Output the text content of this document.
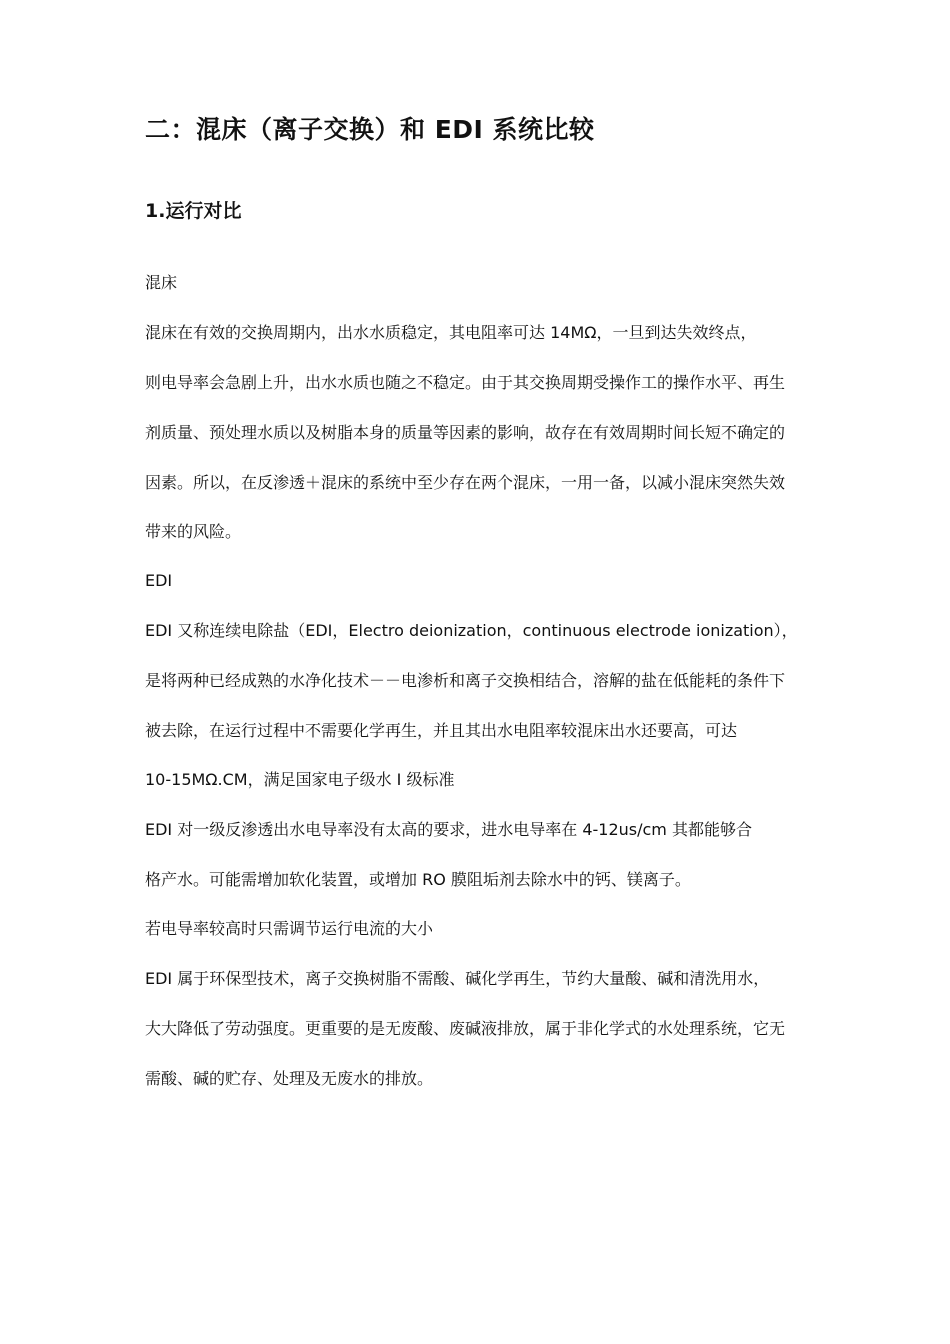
二：混床（离子交换）和 EDI 系统比较
1.运行对比
混床
混床在有效的交换周期内，出水水质稳定，其电阻率可达 14MΩ，一旦到达失效终点，
则电导率会急剧上升，出水水质也随之不稳定。由于其交换周期受操作工的操作水平、再生
剂质量、预处理水质以及树脂本身的质量等因素的影响，故存在有效周期时间长短不确定的
因素。所以，在反渗透＋混床的系统中至少存在两个混床，一用一备，以减小混床突然失效
带来的风险。
EDI
EDI 又称连续电除盐（EDI，Electro deionization，continuous electrode ionization），
是将两种已经成熟的水净化技术－－电渗析和离子交换相结合，溶解的盐在低能耗的条件下
被去除，在运行过程中不需要化学再生，并且其出水电阻率较混床出水还要高，可达
10-15MΩ.CM，满足国家电子级水 I 级标准
EDI 对一级反渗透出水电导率没有太高的要求，进水电导率在 4-12us/cm 其都能够合
格产水。可能需增加软化装置，或增加 RO 膜阻垢剂去除水中的钙、镁离子。
若电导率较高时只需调节运行电流的大小
EDI 属于环保型技术，离子交换树脂不需酸、碱化学再生，节约大量酸、碱和清洗用水，
大大降低了劳动强度。更重要的是无废酸、废碱液排放，属于非化学式的水处理系统，它无
需酸、碱的贮存、处理及无废水的排放。
